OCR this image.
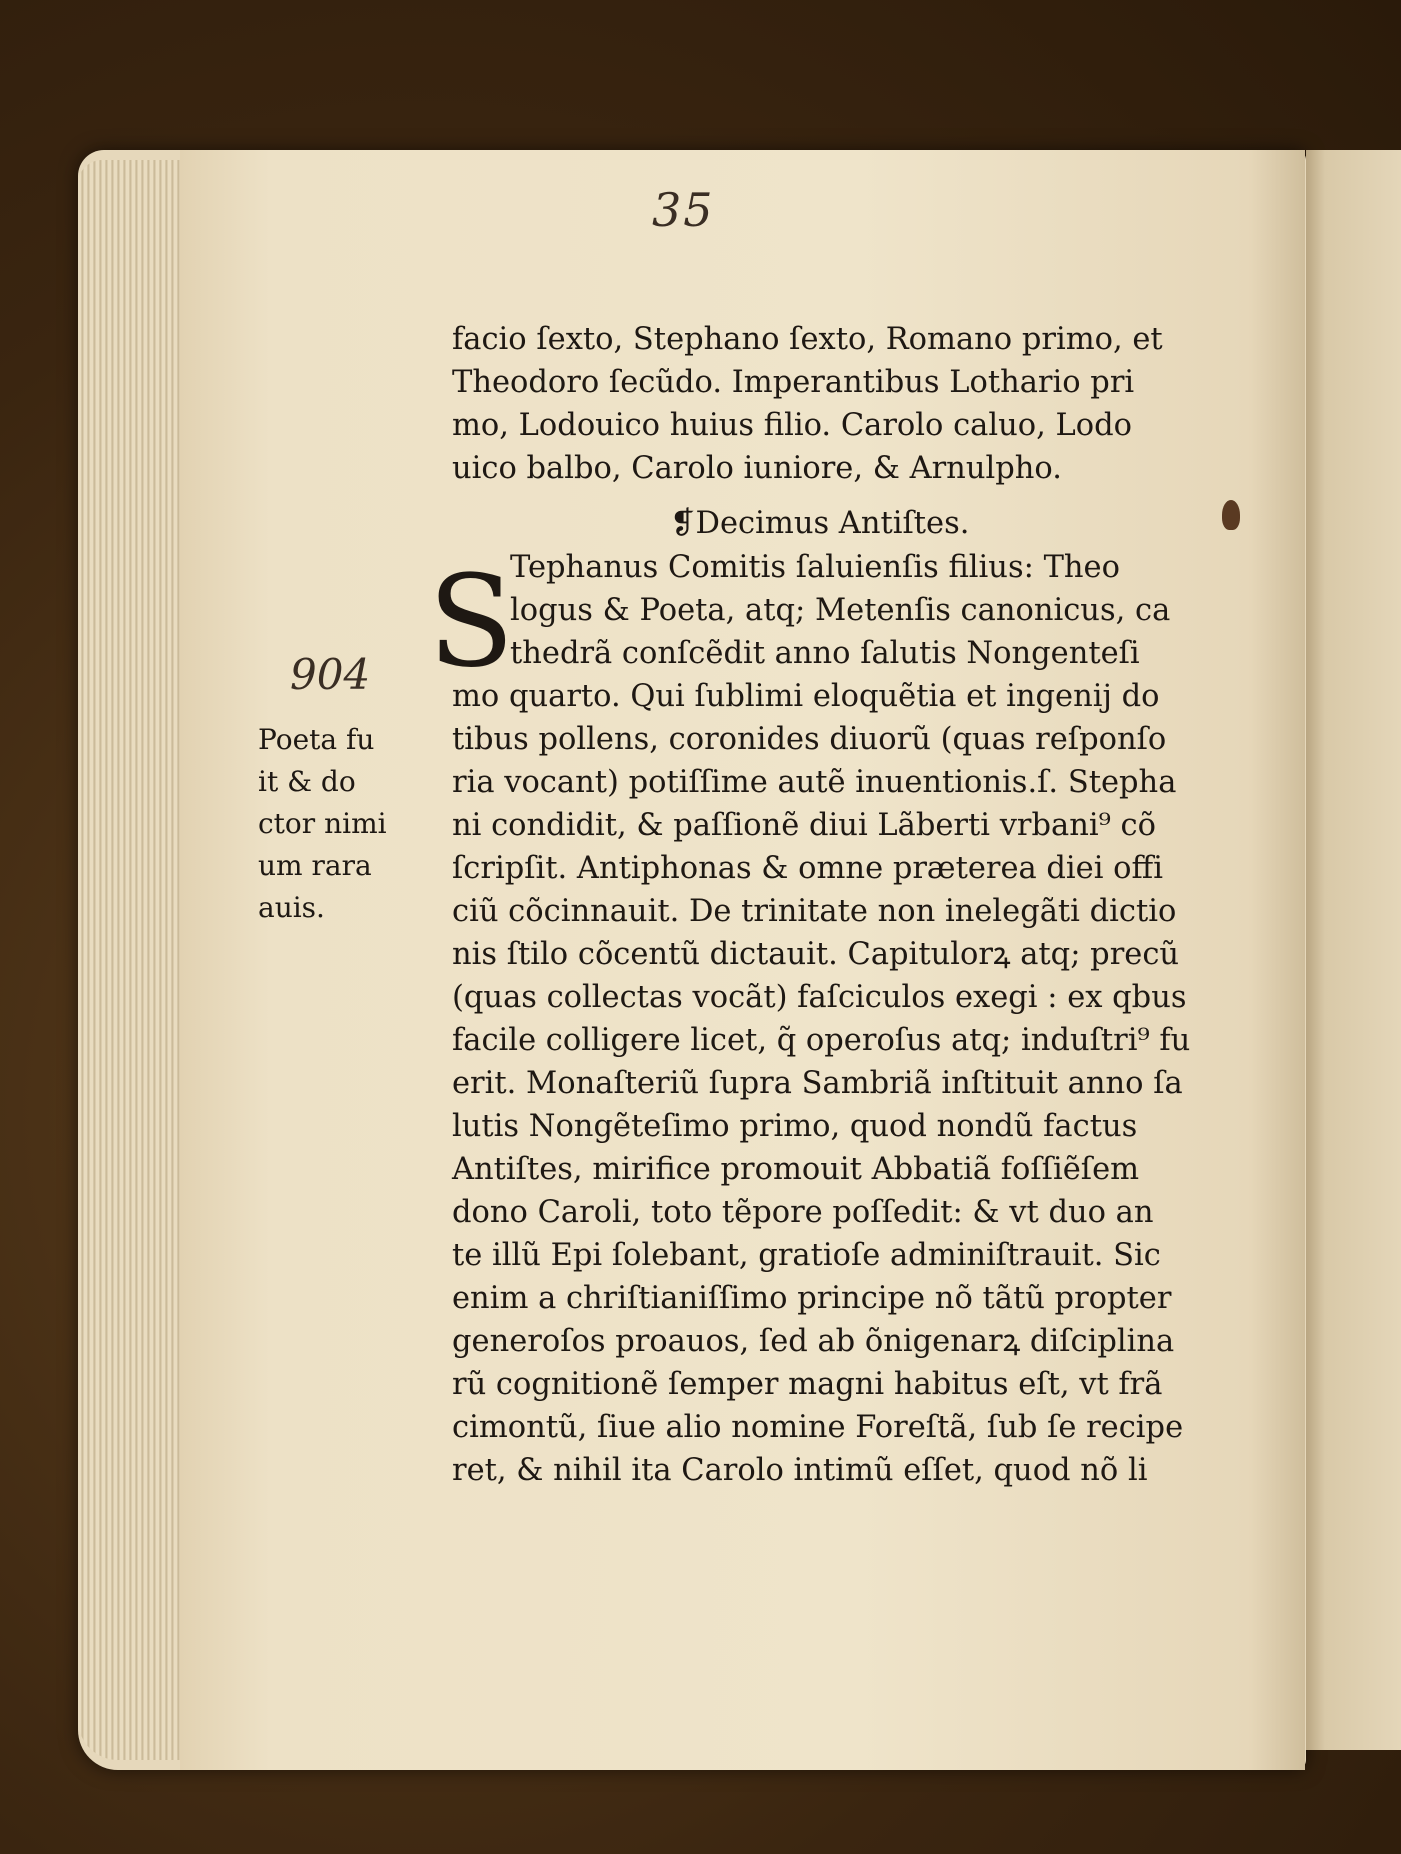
35
facio ſexto, Stephano ſexto, Romano primo, et
Theodoro ſecũdo. Imperantibus Lothario pri
mo, Lodouico huius filio. Carolo caluo, Lodo
uico balbo, Carolo iuniore, & Arnulpho.
❡Decimus Antiſtes.
Tephanus Comitis ſaluienſis filius: Theo
logus & Poeta, atq; Metenſis canonicus, ca
thedrã conſcẽdit anno ſalutis Nongenteſi
mo quarto. Qui ſublimi eloquẽtia et ingenij do
tibus pollens, coronides diuorũ (quas reſponſo
ria vocant) potiſſime autẽ inuentionis.ſ. Stepha
ni condidit, & paſſionẽ diui Lãberti vrbani⁹ cõ
ſcripſit. Antiphonas & omne præterea diei offi
ciũ cõcinnauit. De trinitate non inelegãti dictio
nis ſtilo cõcentũ dictauit. Capitulorꝝ atq; precũ
(quas collectas vocãt) faſciculos exegi : ex qbus
facile colligere licet, q̃ operoſus atq; induſtri⁹ fu
erit. Monaſteriũ ſupra Sambriã inſtituit anno ſa
lutis Nongẽteſimo primo, quod nondũ factus
Antiſtes, mirifice promouit Abbatiã foſſiẽſem
dono Caroli, toto tẽpore poſſedit: & vt duo an
te illũ Epi ſolebant, gratioſe adminiſtrauit. Sic
enim a chriſtianiſſimo principe nõ tãtũ propter
generoſos proauos, ſed ab õnigenarꝝ diſciplina
rũ cognitionẽ ſemper magni habitus eſt, vt frã
cimontũ, ſiue alio nomine Foreſtã, ſub ſe recipe
ret, & nihil ita Carolo intimũ eſſet, quod nõ li
S
904
Poeta fu
it & do
ctor nimi
um rara
auis.
